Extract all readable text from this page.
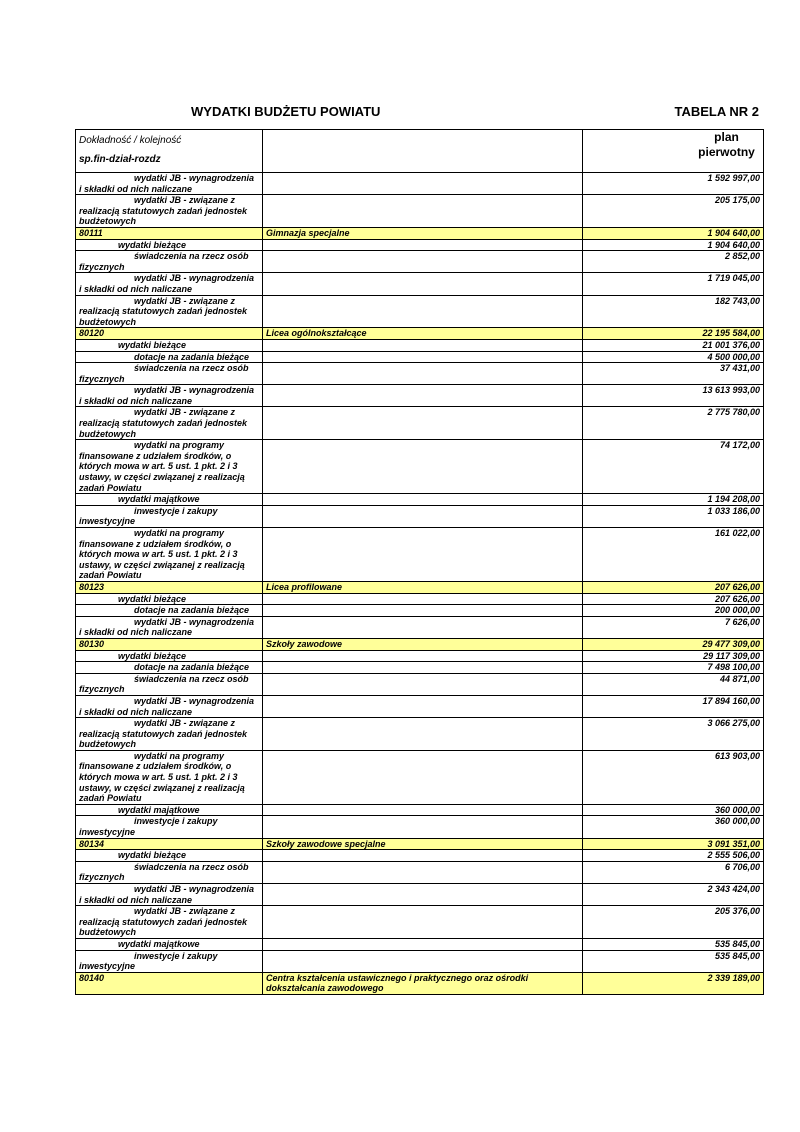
WYDATKI BUDŻETU POWIATU	TABELA NR 2
Dokładność / kolejność
sp.fin-dział-rozdz		plan
pierwotny
wydatki JB - wynagrodzenia i składki od nich naliczane		1 592 997,00
wydatki JB - związane z realizacją statutowych zadań jednostek budżetowych		205 175,00
80111	Gimnazja specjalne	1 904 640,00
wydatki bieżące		1 904 640,00
świadczenia na rzecz osób fizycznych		2 852,00
wydatki JB - wynagrodzenia i składki od nich naliczane		1 719 045,00
wydatki JB - związane z realizacją statutowych zadań jednostek budżetowych		182 743,00
80120	Licea ogólnokształcące	22 195 584,00
wydatki bieżące		21 001 376,00
dotacje na zadania bieżące		4 500 000,00
świadczenia na rzecz osób fizycznych		37 431,00
wydatki JB - wynagrodzenia i składki od nich naliczane		13 613 993,00
wydatki JB - związane z realizacją statutowych zadań jednostek budżetowych		2 775 780,00
wydatki na programy finansowane z udziałem środków, o których mowa w art. 5 ust. 1 pkt. 2 i 3 ustawy, w części związanej z realizacją zadań Powiatu		74 172,00
wydatki majątkowe		1 194 208,00
inwestycje i zakupy inwestycyjne		1 033 186,00
wydatki na programy finansowane z udziałem środków, o których mowa w art. 5 ust. 1 pkt. 2 i 3 ustawy, w części związanej z realizacją zadań Powiatu		161 022,00
80123	Licea profilowane	207 626,00
wydatki bieżące		207 626,00
dotacje na zadania bieżące		200 000,00
wydatki JB - wynagrodzenia i składki od nich naliczane		7 626,00
80130	Szkoły zawodowe	29 477 309,00
wydatki bieżące		29 117 309,00
dotacje na zadania bieżące		7 498 100,00
świadczenia na rzecz osób fizycznych		44 871,00
wydatki JB - wynagrodzenia i składki od nich naliczane		17 894 160,00
wydatki JB - związane z realizacją statutowych zadań jednostek budżetowych		3 066 275,00
wydatki na programy finansowane z udziałem środków, o których mowa w art. 5 ust. 1 pkt. 2 i 3 ustawy, w części związanej z realizacją zadań Powiatu		613 903,00
wydatki majątkowe		360 000,00
inwestycje i zakupy inwestycyjne		360 000,00
80134	Szkoły zawodowe specjalne	3 091 351,00
wydatki bieżące		2 555 506,00
świadczenia na rzecz osób fizycznych		6 706,00
wydatki JB - wynagrodzenia i składki od nich naliczane		2 343 424,00
wydatki JB - związane z realizacją statutowych zadań jednostek budżetowych		205 376,00
wydatki majątkowe		535 845,00
inwestycje i zakupy inwestycyjne		535 845,00
80140	Centra kształcenia ustawicznego i praktycznego oraz ośrodki dokształcania zawodowego	2 339 189,00
